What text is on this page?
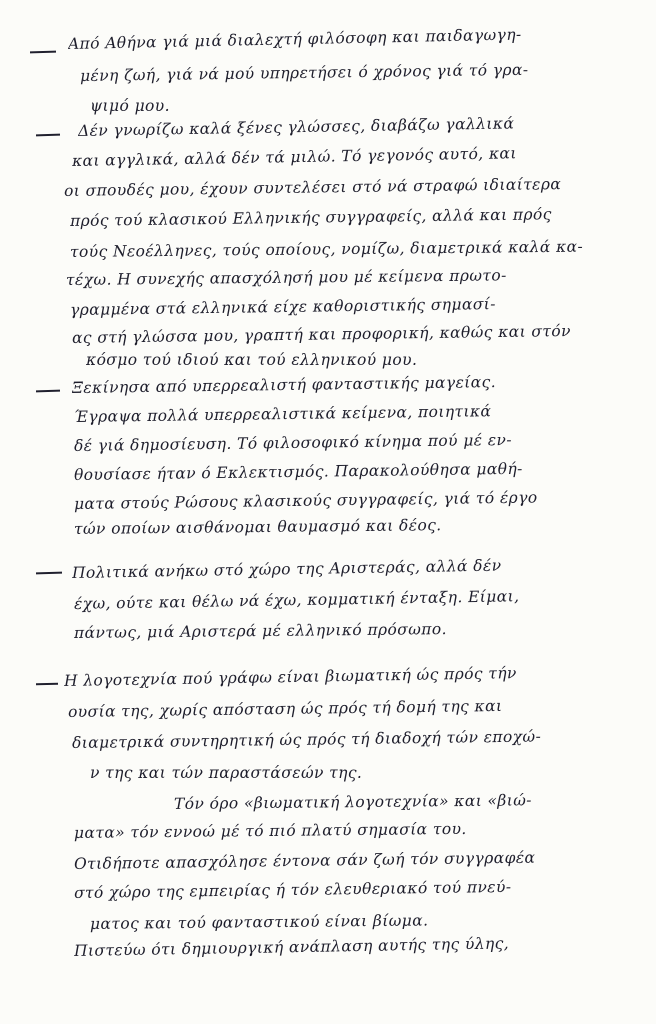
Από Αθήνα γιά μιά διαλεχτή φιλόσοφη και παιδαγωγη-
μένη ζωή, γιά νά μού υπηρετήσει ό χρόνος γιά τό γρα-
ψιμό μου.
Δέν γνωρίζω καλά ξένες γλώσσες, διαβάζω γαλλικά
και αγγλικά, αλλά δέν τά μιλώ. Τό γεγονός αυτό, και
οι σπουδές μου, έχουν συντελέσει στό νά στραφώ ιδιαίτερα
πρός τού κλασικού Ελληνικής συγγραφείς, αλλά και πρός
τούς Νεοέλληνες, τούς οποίους, νομίζω, διαμετρικά καλά κα-
τέχω. Η συνεχής απασχόλησή μου μέ κείμενα πρωτο-
γραμμένα στά ελληνικά είχε καθοριστικής σημασί-
ας στή γλώσσα μου, γραπτή και προφορική, καθώς και στόν
κόσμο τού ιδιού και τού ελληνικού μου.
Ξεκίνησα από υπερρεαλιστή φανταστικής μαγείας.
Έγραψα πολλά υπερρεαλιστικά κείμενα, ποιητικά
δέ γιά δημοσίευση. Τό φιλοσοφικό κίνημα πού μέ εν-
θουσίασε ήταν ό Εκλεκτισμός. Παρακολούθησα μαθή-
ματα στούς Ρώσους κλασικούς συγγραφείς, γιά τό έργο
τών οποίων αισθάνομαι θαυμασμό και δέος.
Πολιτικά ανήκω στό χώρο της Αριστεράς, αλλά δέν
έχω, ούτε και θέλω νά έχω, κομματική ένταξη. Είμαι,
πάντως, μιά Αριστερά μέ ελληνικό πρόσωπο.
Η λογοτεχνία πού γράφω είναι βιωματική ώς πρός τήν
ουσία της, χωρίς απόσταση ώς πρός τή δομή της και
διαμετρικά συντηρητική ώς πρός τή διαδοχή τών εποχώ-
ν της και τών παραστάσεών της.
Τόν όρο «βιωματική λογοτεχνία» και «βιώ-
ματα» τόν εννοώ μέ τό πιό πλατύ σημασία του.
Οτιδήποτε απασχόλησε έντονα σάν ζωή τόν συγγραφέα
στό χώρο της εμπειρίας ή τόν ελευθεριακό τού πνεύ-
ματος και τού φανταστικού είναι βίωμα.
Πιστεύω ότι δημιουργική ανάπλαση αυτής της ύλης,
